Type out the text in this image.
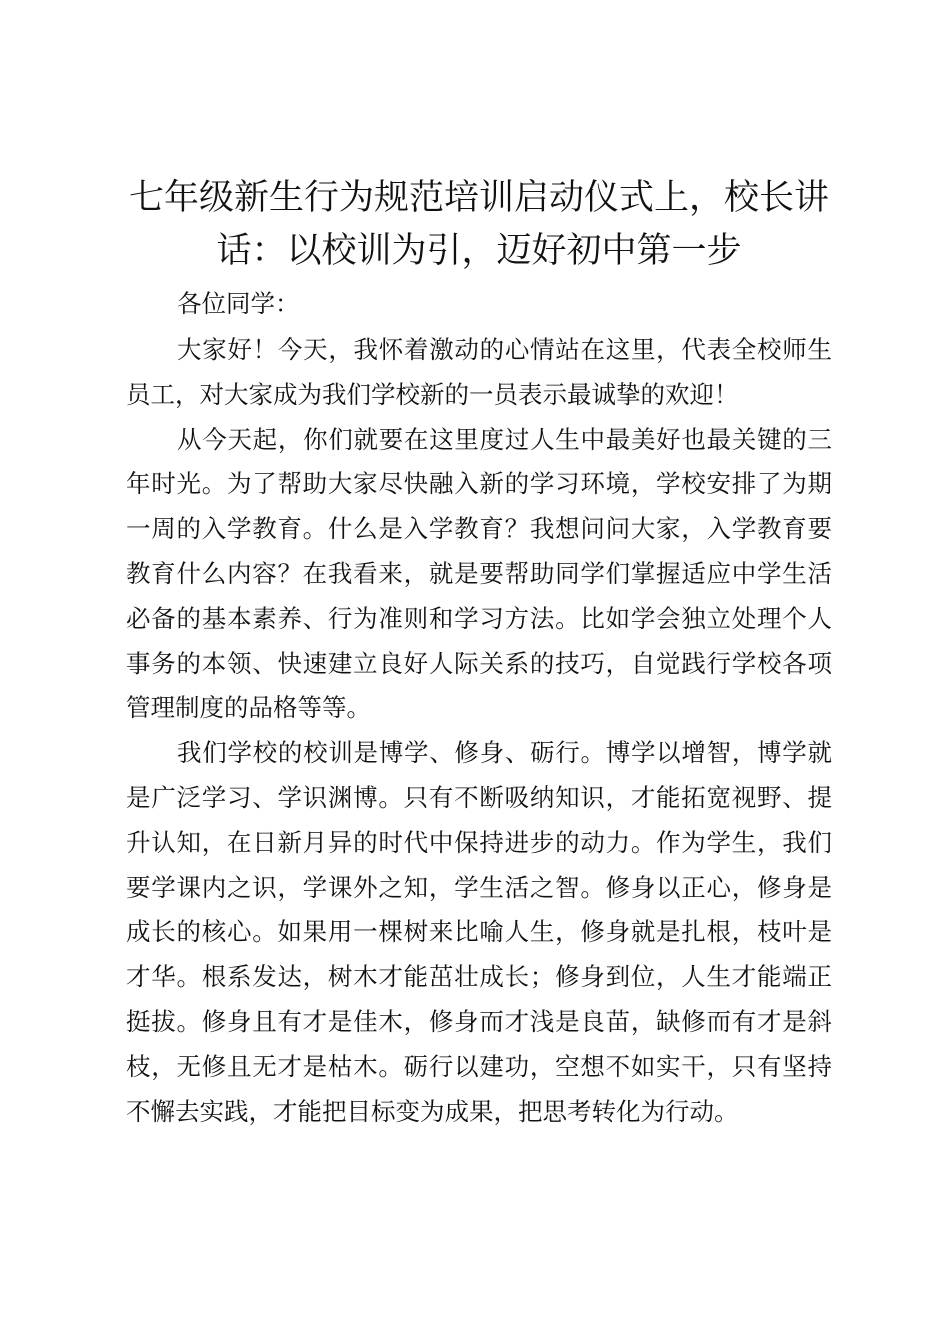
七年级新生行为规范培训启动仪式上，校长讲
话：以校训为引，迈好初中第一步

各位同学：

大家好！今天，我怀着激动的心情站在这里，代表全校师生员工，对大家成为我们学校新的一员表示最诚挚的欢迎！

从今天起，你们就要在这里度过人生中最美好也最关键的三年时光。为了帮助大家尽快融入新的学习环境，学校安排了为期一周的入学教育。什么是入学教育？我想问问大家，入学教育要教育什么内容？在我看来，就是要帮助同学们掌握适应中学生活必备的基本素养、行为准则和学习方法。比如学会独立处理个人事务的本领、快速建立良好人际关系的技巧，自觉践行学校各项管理制度的品格等等。

我们学校的校训是博学、修身、砺行。博学以增智，博学就是广泛学习、学识渊博。只有不断吸纳知识，才能拓宽视野、提升认知，在日新月异的时代中保持进步的动力。作为学生，我们要学课内之识，学课外之知，学生活之智。修身以正心，修身是成长的核心。如果用一棵树来比喻人生，修身就是扎根，枝叶是才华。根系发达，树木才能茁壮成长；修身到位，人生才能端正挺拔。修身且有才是佳木，修身而才浅是良苗，缺修而有才是斜枝，无修且无才是枯木。砺行以建功，空想不如实干，只有坚持不懈去实践，才能把目标变为成果，把思考转化为行动。
